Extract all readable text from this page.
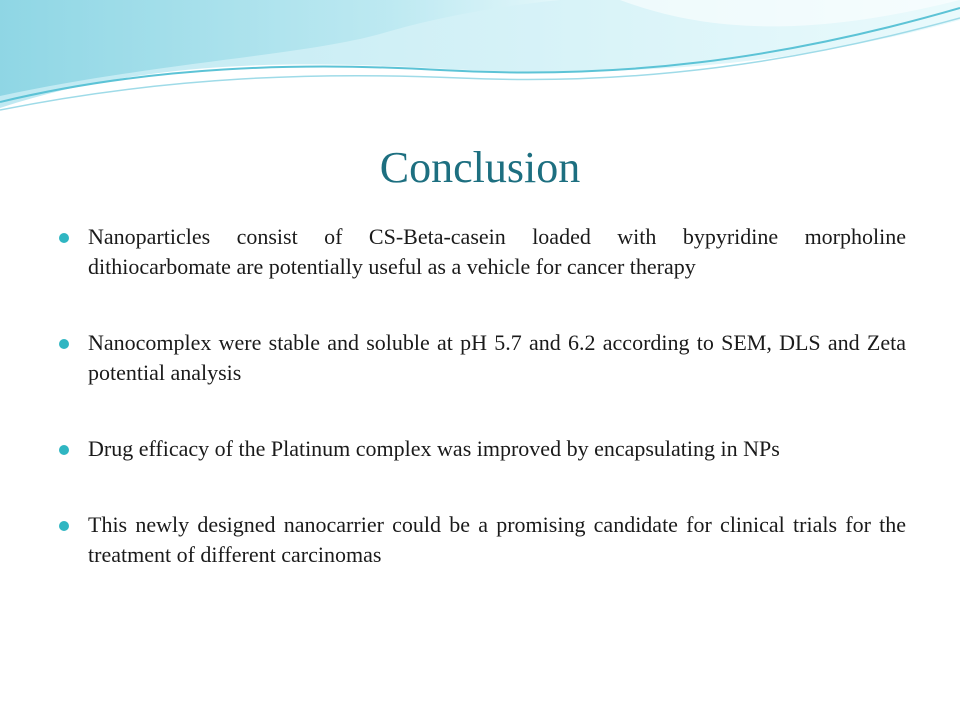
Conclusion
Nanoparticles consist of CS-Beta-casein loaded with bypyridine morpholine dithiocarbomate are potentially useful as a vehicle for cancer therapy
Nanocomplex were stable and soluble at pH 5.7 and 6.2 according to SEM, DLS and Zeta potential analysis
Drug efficacy of the Platinum complex was improved by encapsulating in NPs
This newly designed nanocarrier could be a promising candidate for clinical trials for the treatment of different carcinomas
